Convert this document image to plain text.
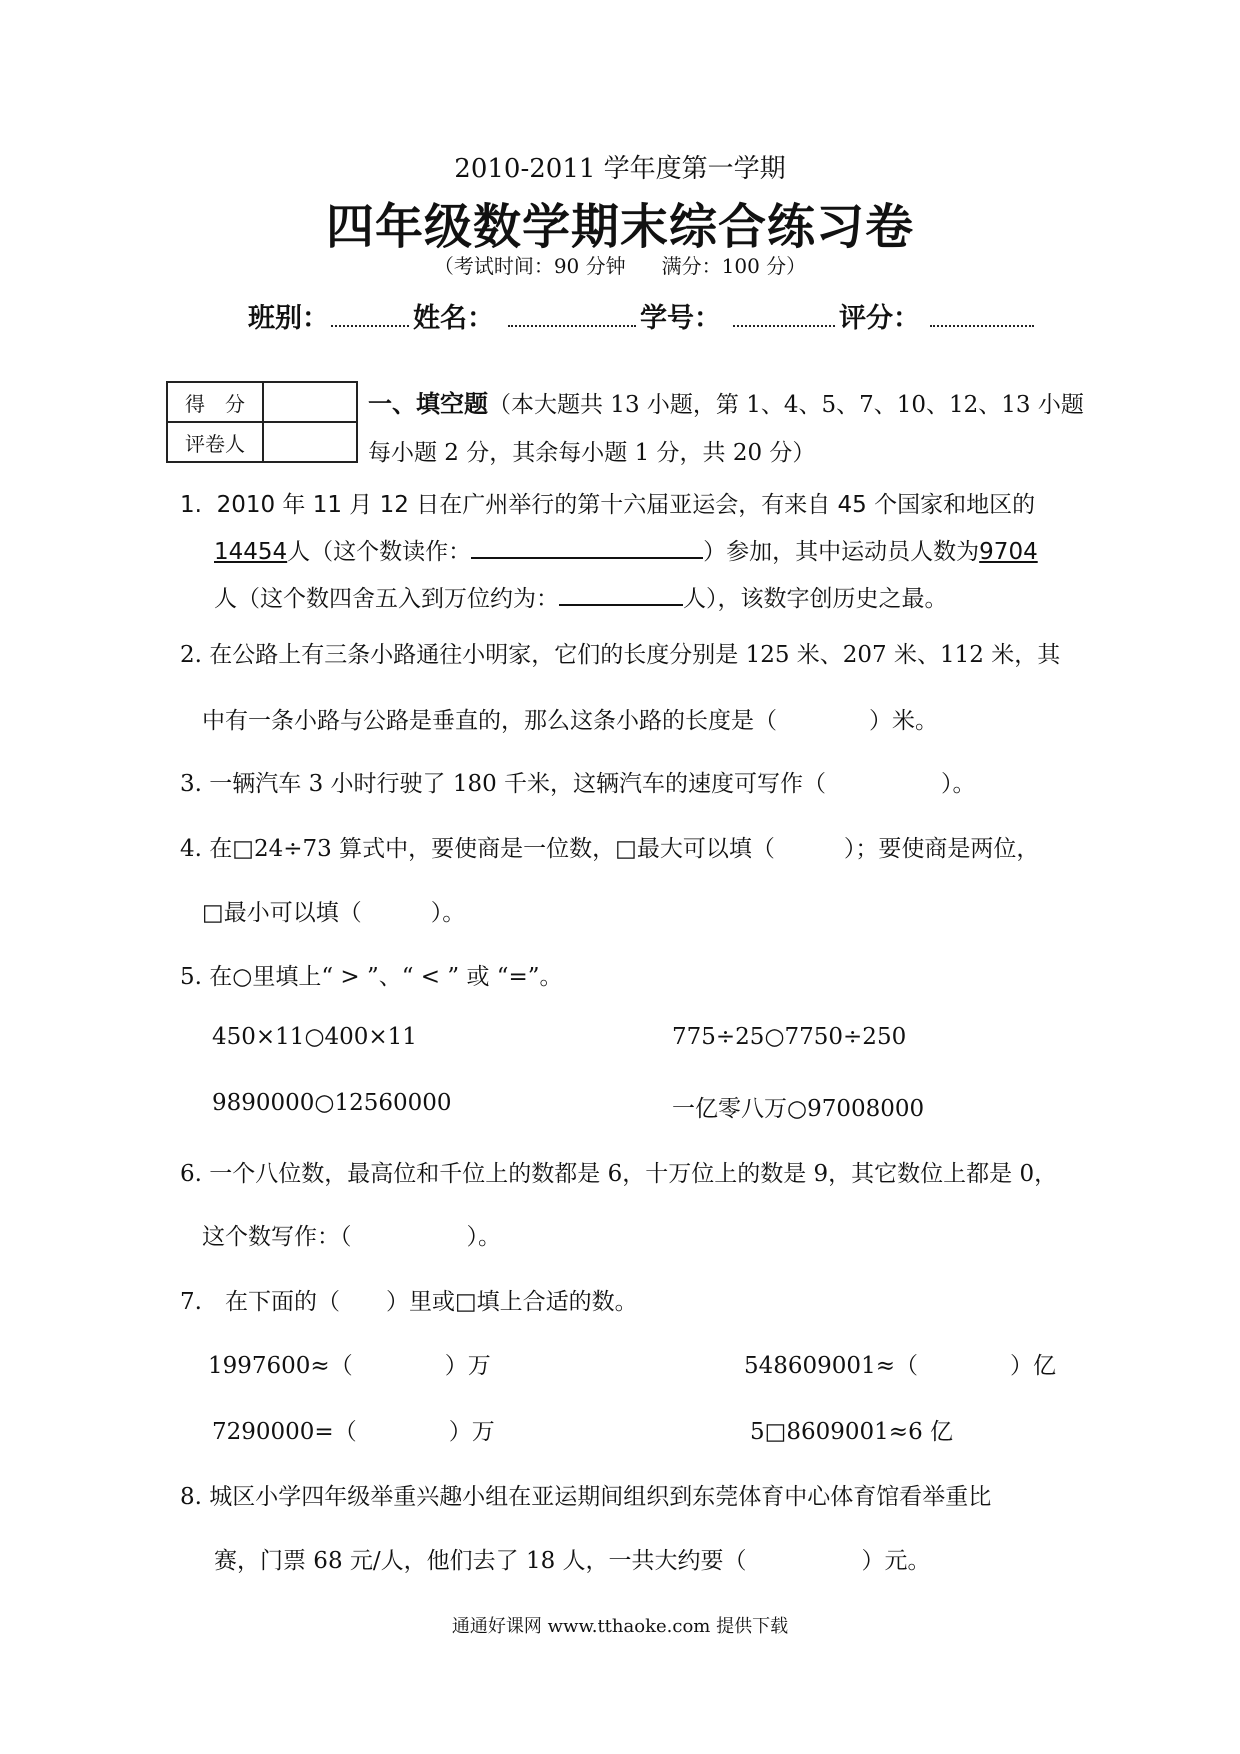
2010-2011 学年度第一学期
四年级数学期末综合练习卷
（考试时间：90 分钟 满分：100 分）
班别：	姓名：	学号：	评分：
得　分	
评卷人	
一、填空题（本大题共 13 小题，第 1、4、5、7、10、12、13 小题
每小题 2 分，其余每小题 1 分，共 20 分）
1. 2010 年 11 月 12 日在广州举行的第十六届亚运会，有来自 45 个国家和地区的
14454人（这个数读作：	）参加，其中运动员人数为9704
人（这个数四舍五入到万位约为：	人），该数字创历史之最。
2. 在公路上有三条小路通往小明家，它们的长度分别是 125 米、207 米、112 米，其
中有一条小路与公路是垂直的，那么这条小路的长度是（　　　　）米。
3. 一辆汽车 3 小时行驶了 180 千米，这辆汽车的速度可写作（　　　　　）。
4. 在□24÷73 算式中，要使商是一位数，□最大可以填（　　　）；要使商是两位，
□最小可以填（　　　）。
5. 在○里填上“ > ”、“ < ” 或 “=”。
450×11○400×11	775÷25○7750÷250
9890000○12560000	一亿零八万○97008000
6. 一个八位数，最高位和千位上的数都是 6，十万位上的数是 9，其它数位上都是 0，
这个数写作：（　　　　　）。
7.　在下面的（　　）里或□填上合适的数。
1997600≈（　　　　）万	548609001≈（　　　　）亿
7290000=（　　　　）万	5□8609001≈6 亿
8. 城区小学四年级举重兴趣小组在亚运期间组织到东莞体育中心体育馆看举重比
赛，门票 68 元/人，他们去了 18 人，一共大约要（　　　　　）元。
通通好课网 www.tthaoke.com 提供下载
